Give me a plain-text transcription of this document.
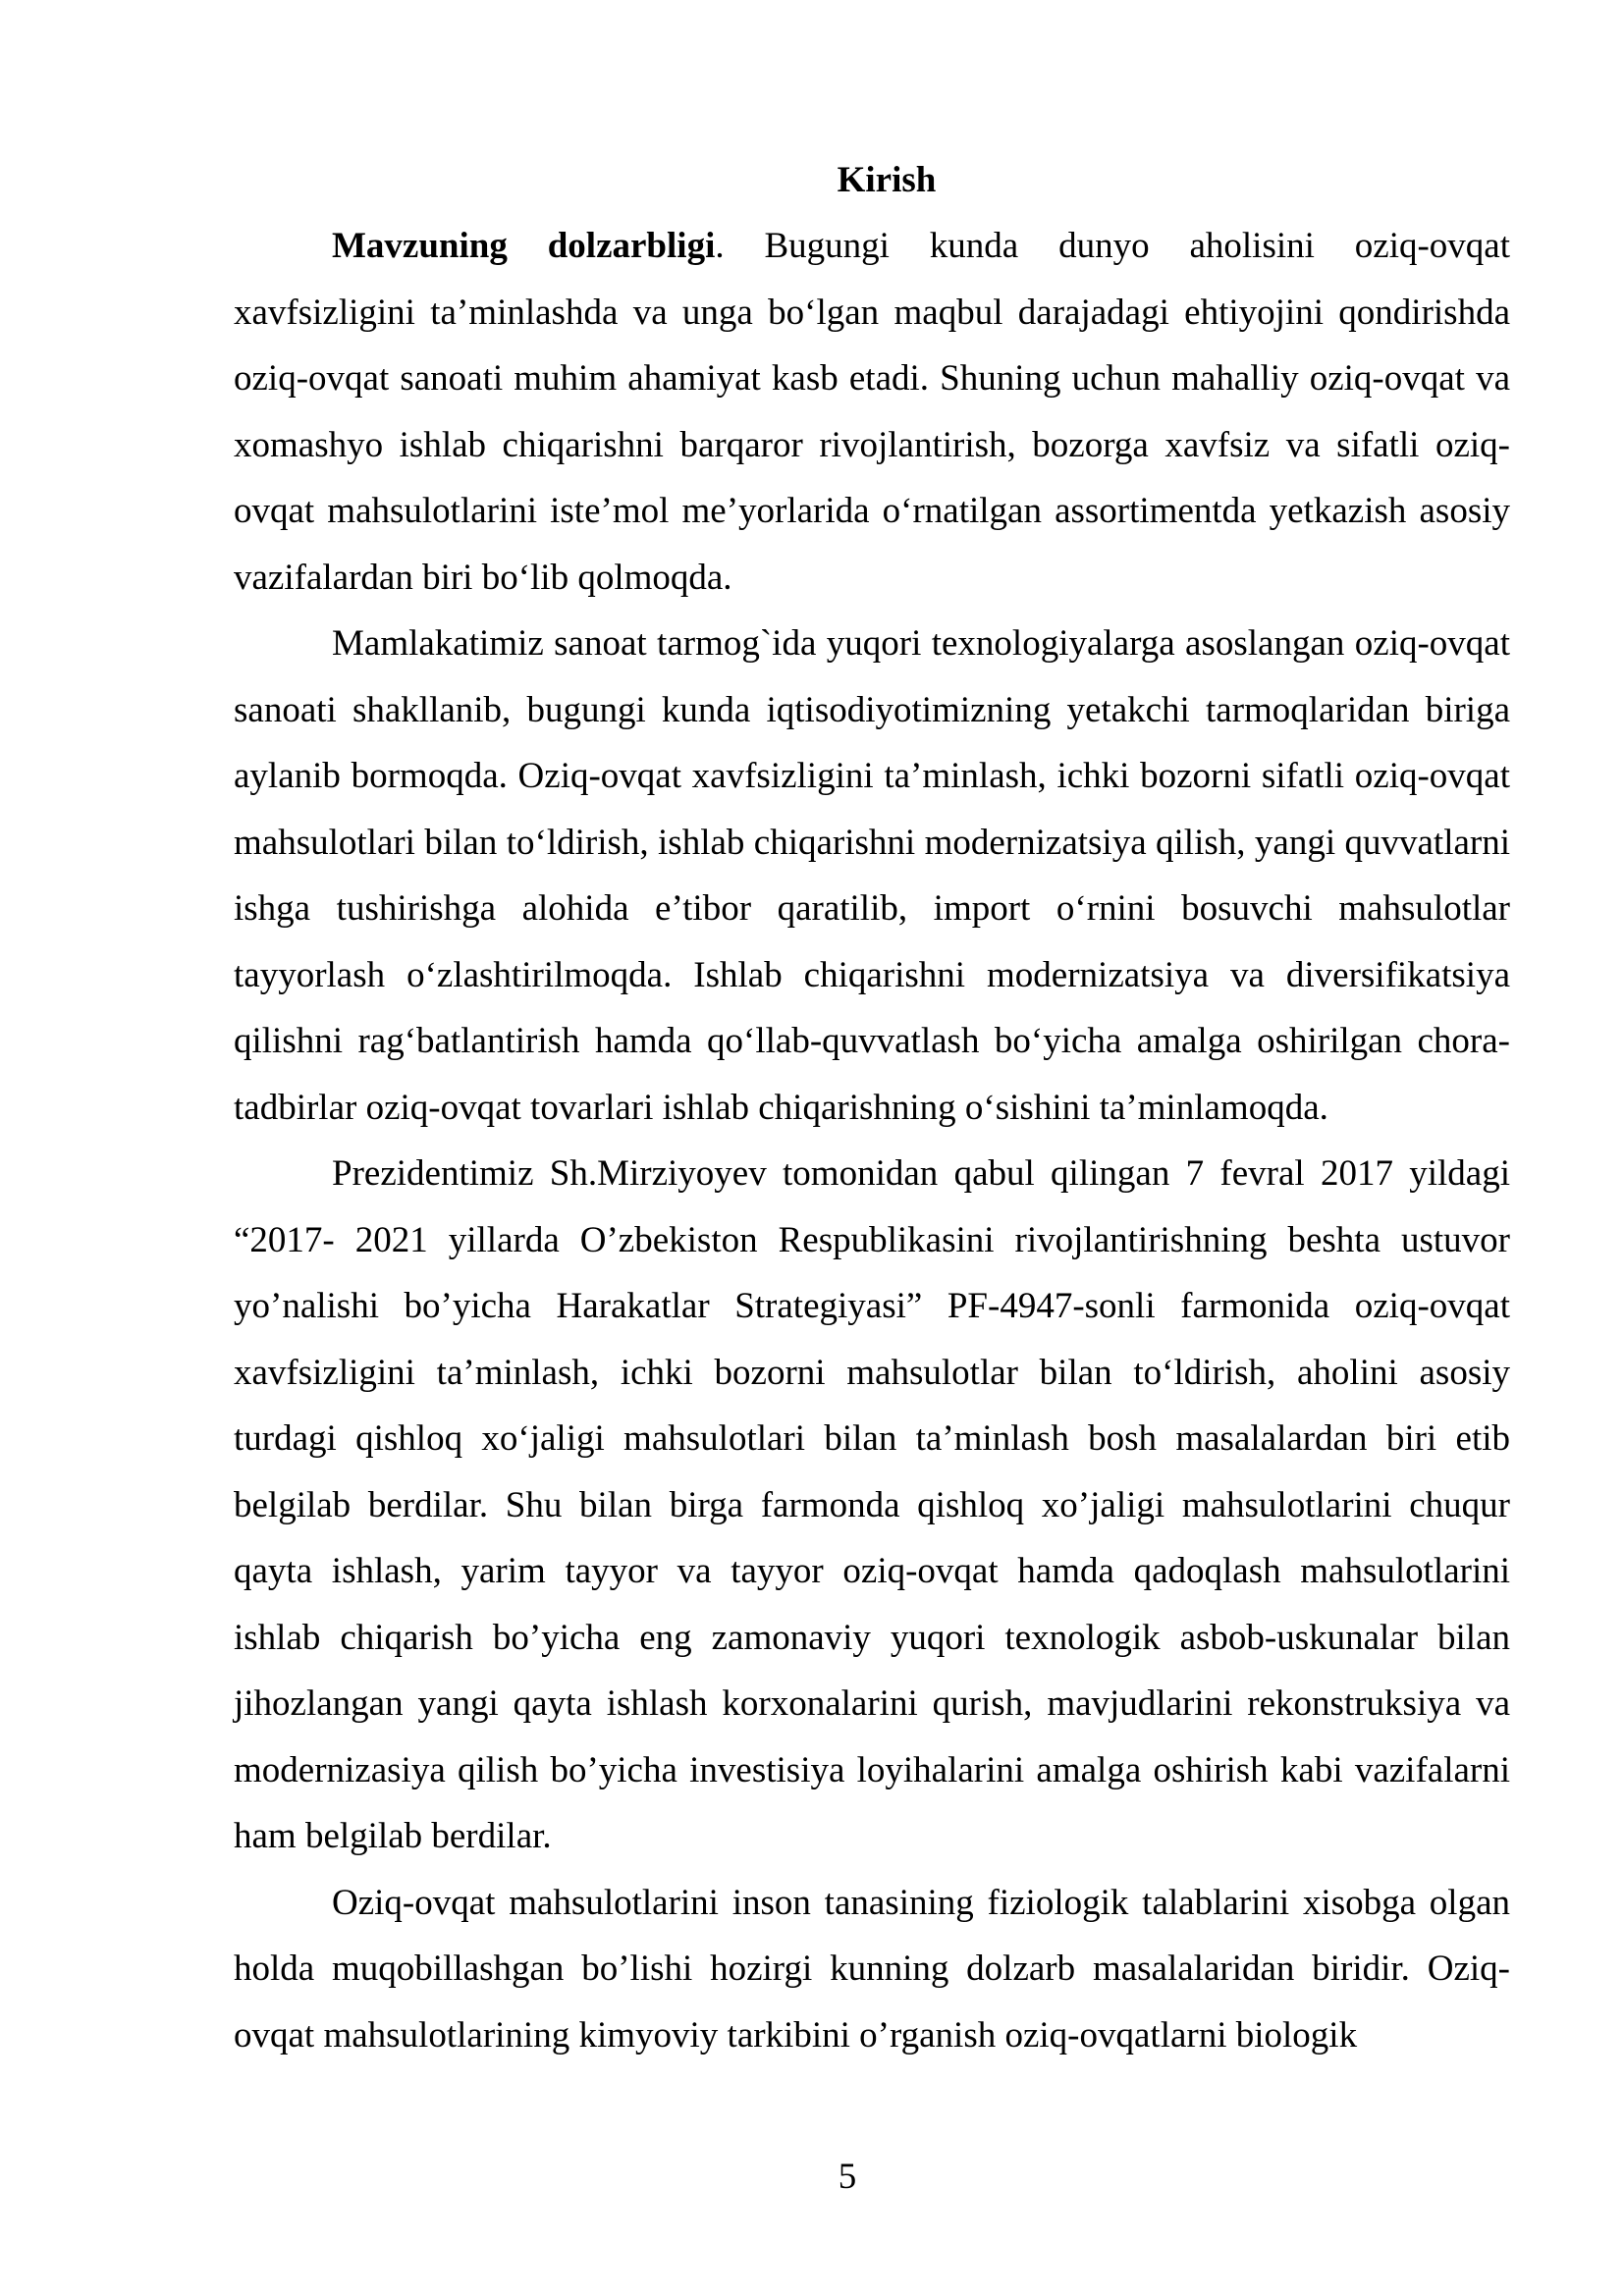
Kirish

Mavzuning dolzarbligi. Bugungi kunda dunyo aholisini oziq-ovqat xavfsizligini ta’minlashda va unga bo‘lgan maqbul darajadagi ehtiyojini qondirishda oziq-ovqat sanoati muhim ahamiyat kasb etadi. Shuning uchun mahalliy oziq-ovqat va xomashyo ishlab chiqarishni barqaror rivojlantirish, bozorga xavfsiz va sifatli oziq-ovqat mahsulotlarini iste’mol me’yorlarida o‘rnatilgan assortimentda yetkazish asosiy vazifalardan biri bo‘lib qolmoqda.

Mamlakatimiz sanoat tarmog`ida yuqori texnologiyalarga asoslangan oziq-ovqat sanoati shakllanib, bugungi kunda iqtisodiyotimizning yetakchi tarmoqlaridan biriga aylanib bormoqda. Oziq-ovqat xavfsizligini ta’minlash, ichki bozorni sifatli oziq-ovqat mahsulotlari bilan to‘ldirish, ishlab chiqarishni modernizatsiya qilish, yangi quvvatlarni ishga tushirishga alohida e’tibor qaratilib, import o‘rnini bosuvchi mahsulotlar tayyorlash o‘zlashtirilmoqda. Ishlab chiqarishni modernizatsiya va diversifikatsiya qilishni rag‘batlantirish hamda qo‘llab-quvvatlash bo‘yicha amalga oshirilgan chora-tadbirlar oziq-ovqat tovarlari ishlab chiqarishning o‘sishini ta’minlamoqda.

Prezidentimiz Sh.Mirziyoyev tomonidan qabul qilingan 7 fevral 2017 yildagi “2017- 2021 yillarda O’zbekiston Respublikasini rivojlantirishning beshta ustuvor yo’nalishi bo’yicha Harakatlar Strategiyasi” PF-4947-sonli farmonida oziq-ovqat xavfsizligini ta’minlash, ichki bozorni mahsulotlar bilan to‘ldirish, aholini asosiy turdagi qishloq xo‘jaligi mahsulotlari bilan ta’minlash bosh masalalardan biri etib belgilab berdilar. Shu bilan birga farmonda qishloq xo’jaligi mahsulotlarini chuqur qayta ishlash, yarim tayyor va tayyor oziq-ovqat hamda qadoqlash mahsulotlarini ishlab chiqarish bo’yicha eng zamonaviy yuqori texnologik asbob-uskunalar bilan jihozlangan yangi qayta ishlash korxonalarini qurish, mavjudlarini rekonstruksiya va modernizasiya qilish bo’yicha investisiya loyihalarini amalga oshirish kabi vazifalarni ham belgilab berdilar.

Oziq-ovqat mahsulotlarini inson tanasining fiziologik talablarini xisobga olgan holda muqobillashgan bo’lishi hozirgi kunning dolzarb masalalaridan biridir. Oziq-ovqat mahsulotlarining kimyoviy tarkibini o’rganish oziq-ovqatlarni biologik

5
